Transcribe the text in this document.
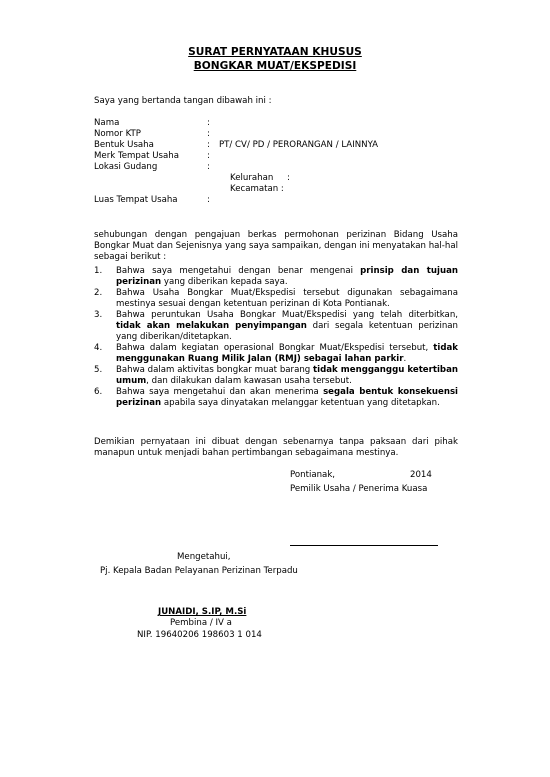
SURAT PERNYATAAN KHUSUS
BONGKAR MUAT/EKSPEDISI
Saya yang bertanda tangan dibawah ini :
Nama	:
Nomor KTP	:
Bentuk Usaha	: PT/ CV/ PD / PERORANGAN / LAINNYA
Merk Tempat Usaha	:
Lokasi Gudang	:
Kelurahan :
Kecamatan :
Luas Tempat Usaha	:
sehubungan dengan pengajuan berkas permohonan perizinan Bidang Usaha Bongkar Muat dan Sejenisnya yang saya sampaikan, dengan ini menyatakan hal-hal sebagai berikut :
1. Bahwa saya mengetahui dengan benar mengenai prinsip dan tujuan perizinan yang diberikan kepada saya.
2. Bahwa Usaha Bongkar Muat/Ekspedisi tersebut digunakan sebagaimana mestinya sesuai dengan ketentuan perizinan di Kota Pontianak.
3. Bahwa peruntukan Usaha Bongkar Muat/Ekspedisi yang telah diterbitkan, tidak akan melakukan penyimpangan dari segala ketentuan perizinan yang diberikan/ditetapkan.
4. Bahwa dalam kegiatan operasional Bongkar Muat/Ekspedisi tersebut, tidak menggunakan Ruang Milik Jalan (RMJ) sebagai lahan parkir.
5. Bahwa dalam aktivitas bongkar muat barang tidak mengganggu ketertiban umum, dan dilakukan dalam kawasan usaha tersebut.
6. Bahwa saya mengetahui dan akan menerima segala bentuk konsekuensi perizinan apabila saya dinyatakan melanggar ketentuan yang ditetapkan.
Demikian pernyataan ini dibuat dengan sebenarnya tanpa paksaan dari pihak manapun untuk menjadi bahan pertimbangan sebagaimana mestinya.
Pontianak,	2014
Pemilik Usaha / Penerima Kuasa
Mengetahui,
Pj. Kepala Badan Pelayanan Perizinan Terpadu
JUNAIDI, S.IP, M.Si
Pembina / IV a
NIP. 19640206 198603 1 014
